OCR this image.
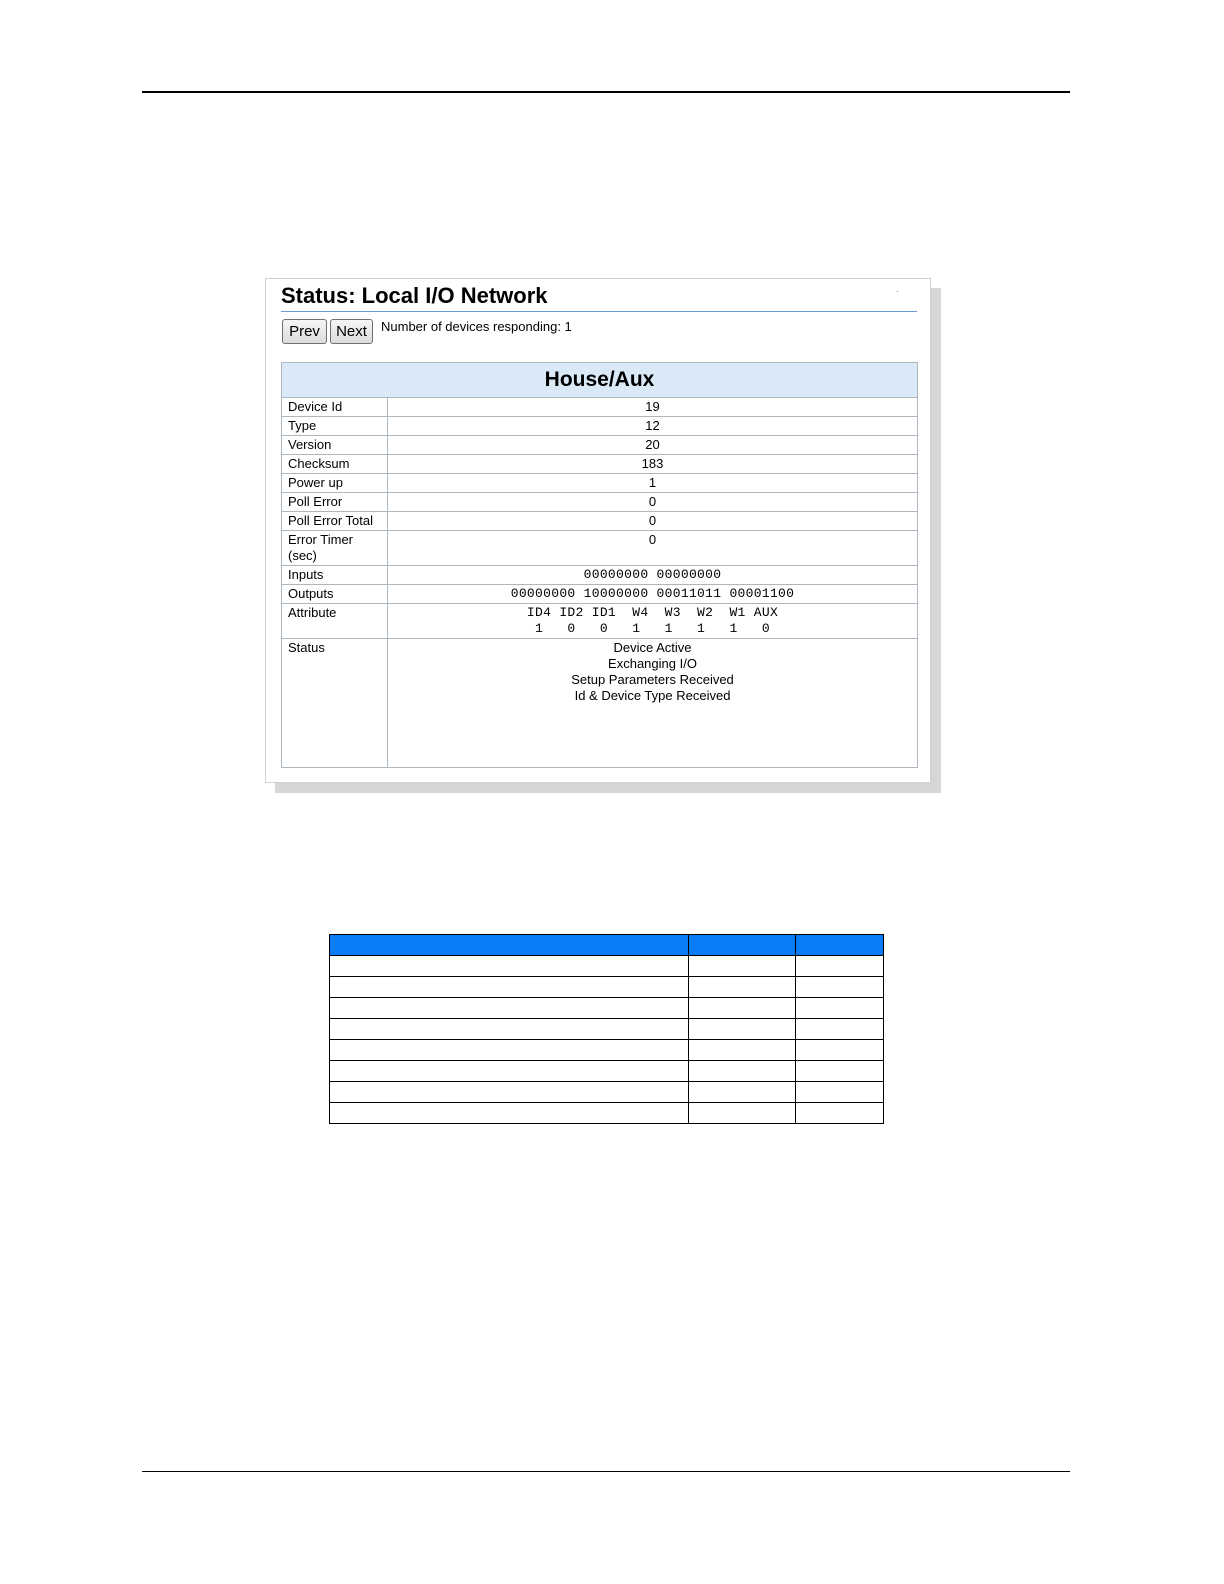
Status: Local I/O Network	·
Prev	Next	Number of devices responding: 1
House/Aux	
Device Id	19
Type	12
Version	20
Checksum	183
Power up	1
Poll Error	0
Poll Error Total	0
Error Timer (sec)	0
Inputs	00000000 00000000
Outputs	00000000 10000000 00011011 00001100
Attribute	ID4 ID2 ID1  W4  W3  W2  W1 AUX
1   0   0   1   1   1   1   0

Status	Device Active
Exchanging I/O
Setup Parameters Received
Id & Device Type Received
